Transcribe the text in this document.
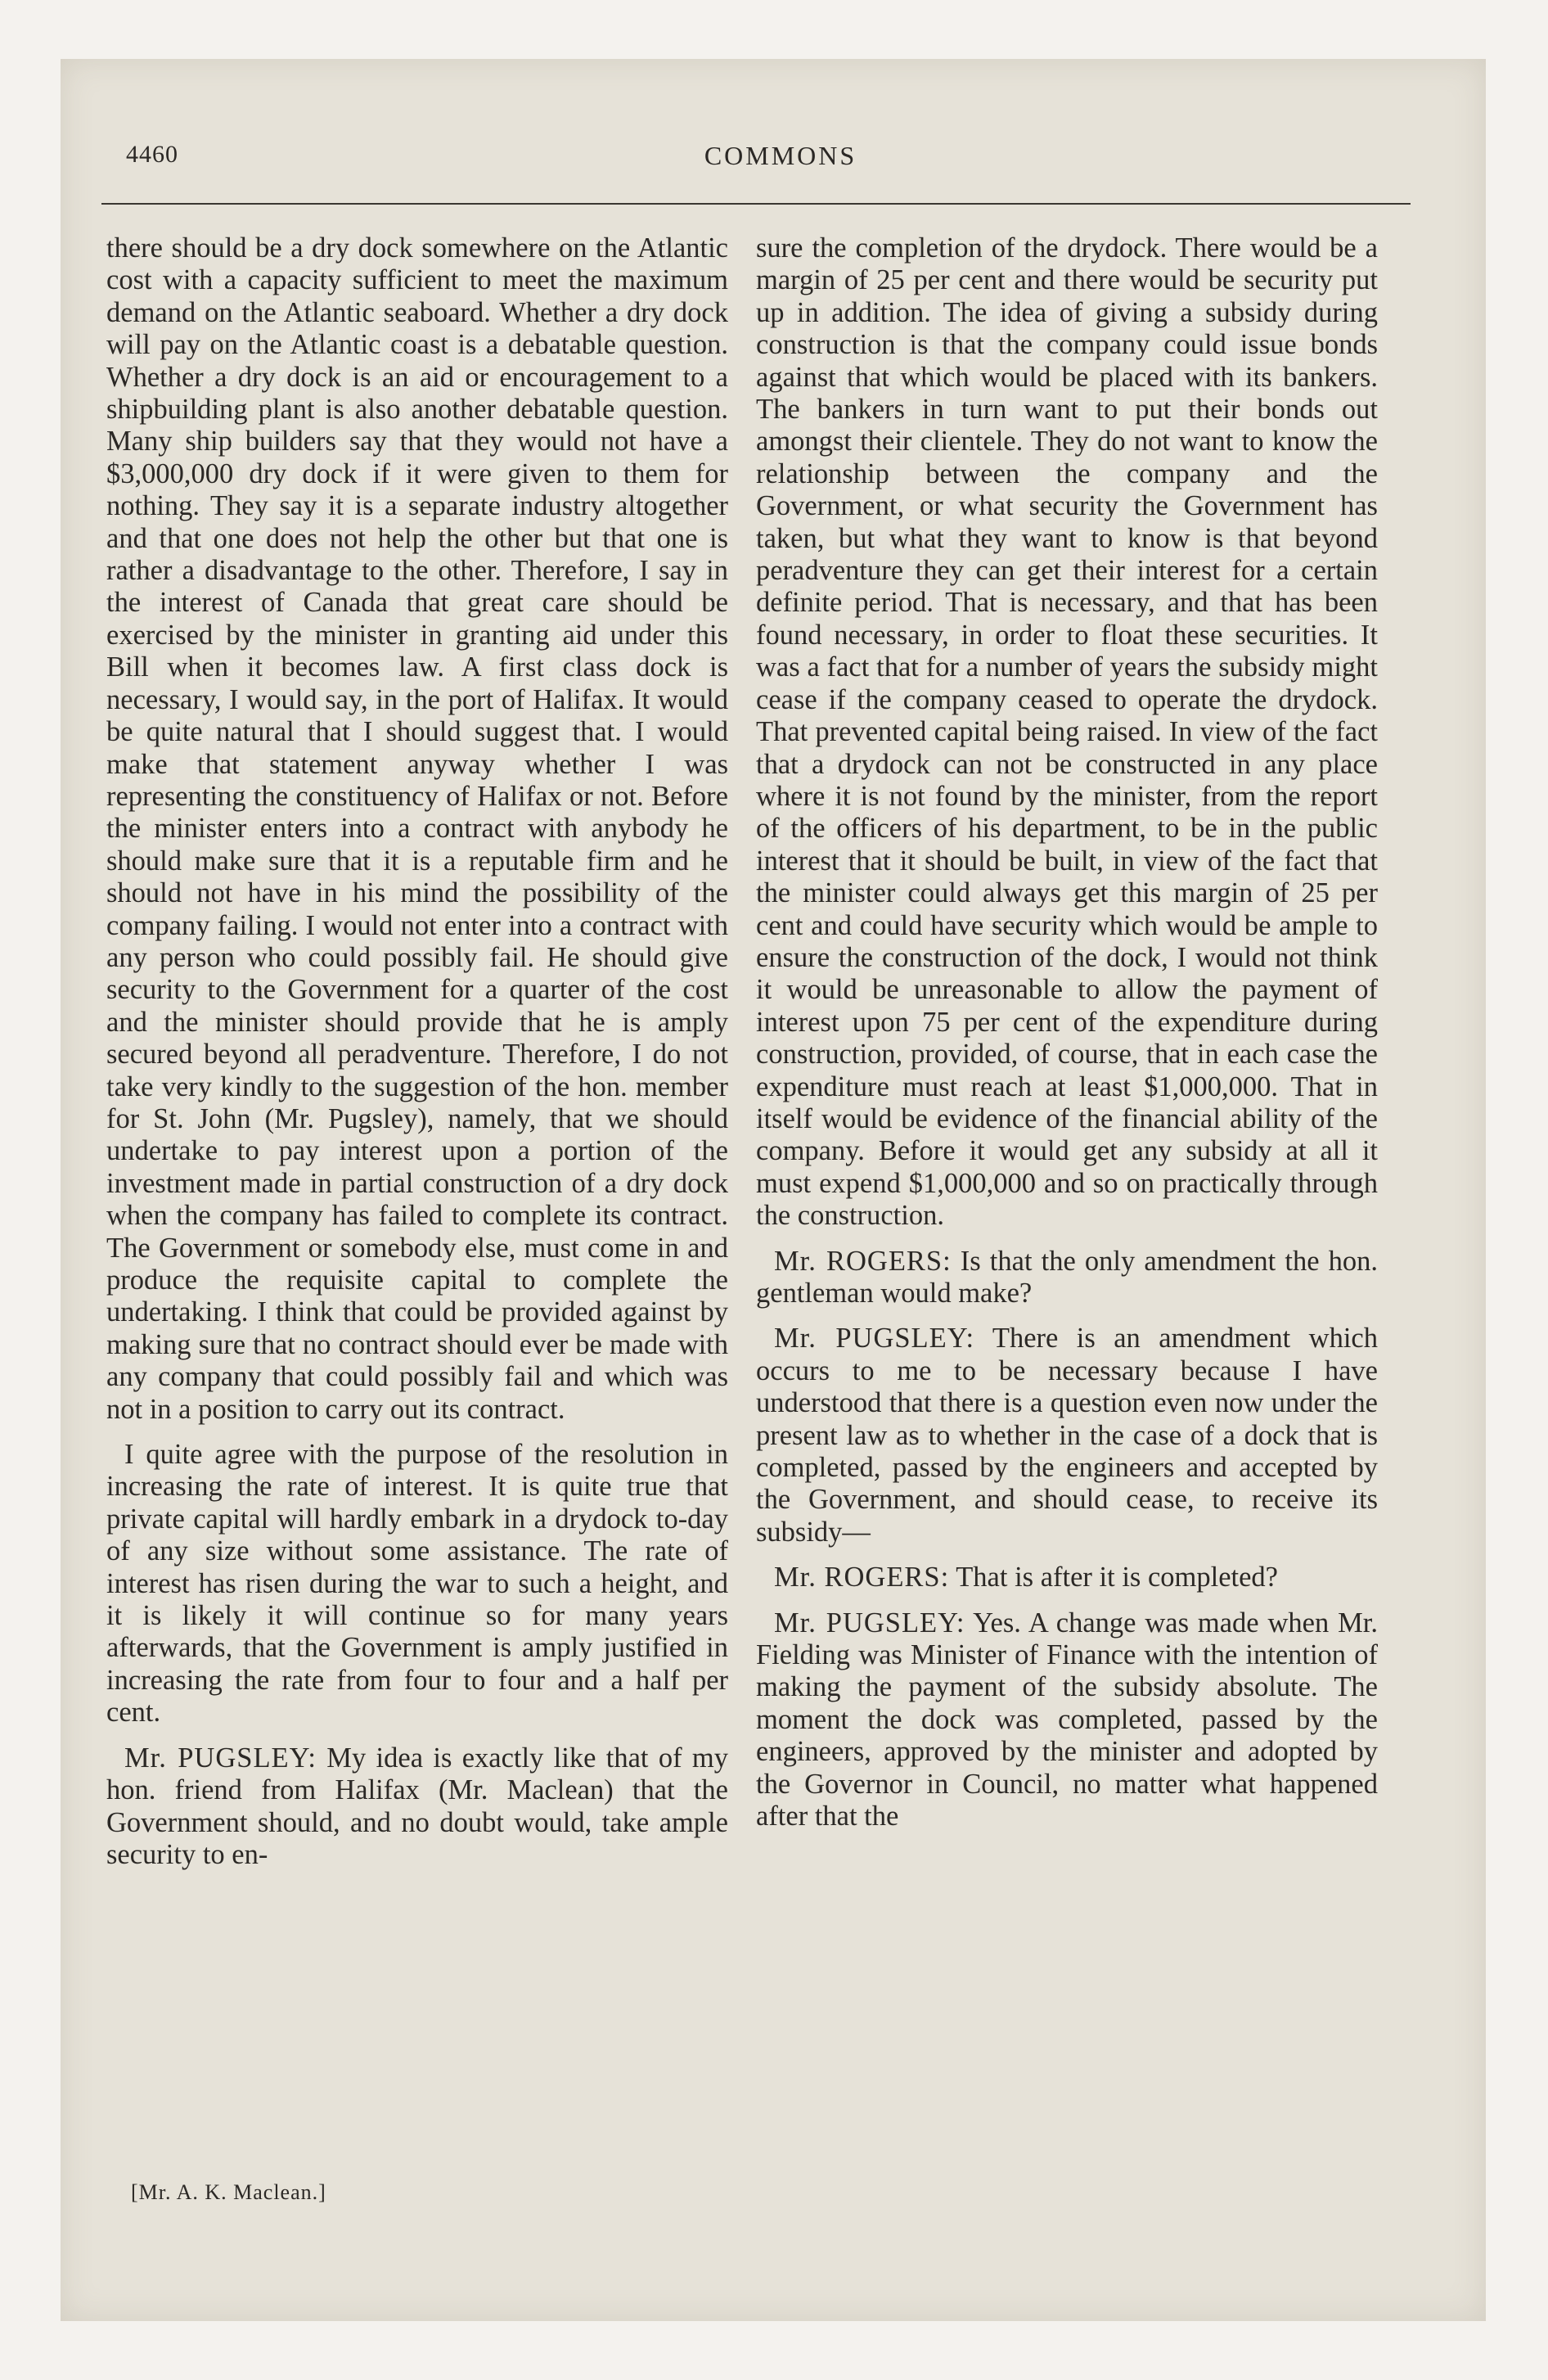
4460	COMMONS

there should be a dry dock somewhere on the Atlantic cost with a capacity sufficient to meet the maximum demand on the Atlantic seaboard. Whether a dry dock will pay on the Atlantic coast is a debatable question. Whether a dry dock is an aid or encouragement to a shipbuilding plant is also another debatable question. Many ship builders say that they would not have a $3,000,000 dry dock if it were given to them for nothing. They say it is a separate industry altogether and that one does not help the other but that one is rather a disadvantage to the other. Therefore, I say in the interest of Canada that great care should be exercised by the minister in granting aid under this Bill when it becomes law. A first class dock is necessary, I would say, in the port of Halifax. It would be quite natural that I should suggest that. I would make that statement anyway whether I was representing the constituency of Halifax or not. Before the minister enters into a contract with anybody he should make sure that it is a reputable firm and he should not have in his mind the possibility of the company failing. I would not enter into a contract with any person who could possibly fail. He should give security to the Government for a quarter of the cost and the minister should provide that he is amply secured beyond all peradventure. Therefore, I do not take very kindly to the suggestion of the hon. member for St. John (Mr. Pugsley), namely, that we should undertake to pay interest upon a portion of the investment made in partial construction of a dry dock when the company has failed to complete its contract. The Government or somebody else, must come in and produce the requisite capital to complete the undertaking. I think that could be provided against by making sure that no contract should ever be made with any company that could possibly fail and which was not in a position to carry out its contract.

I quite agree with the purpose of the resolution in increasing the rate of interest. It is quite true that private capital will hardly embark in a drydock to-day of any size without some assistance. The rate of interest has risen during the war to such a height, and it is likely it will continue so for many years afterwards, that the Government is amply justified in increasing the rate from four to four and a half per cent.

Mr. PUGSLEY: My idea is exactly like that of my hon. friend from Halifax (Mr. Maclean) that the Government should, and no doubt would, take ample security to en-

sure the completion of the drydock. There would be a margin of 25 per cent and there would be security put up in addition. The idea of giving a subsidy during construction is that the company could issue bonds against that which would be placed with its bankers. The bankers in turn want to put their bonds out amongst their clientele. They do not want to know the relationship between the company and the Government, or what security the Government has taken, but what they want to know is that beyond peradventure they can get their interest for a certain definite period. That is necessary, and that has been found necessary, in order to float these securities. It was a fact that for a number of years the subsidy might cease if the company ceased to operate the drydock. That prevented capital being raised. In view of the fact that a drydock can not be constructed in any place where it is not found by the minister, from the report of the officers of his department, to be in the public interest that it should be built, in view of the fact that the minister could always get this margin of 25 per cent and could have security which would be ample to ensure the construction of the dock, I would not think it would be unreasonable to allow the payment of interest upon 75 per cent of the expenditure during construction, provided, of course, that in each case the expenditure must reach at least $1,000,000. That in itself would be evidence of the financial ability of the company. Before it would get any subsidy at all it must expend $1,000,000 and so on practically through the construction.

Mr. ROGERS: Is that the only amendment the hon. gentleman would make?

Mr. PUGSLEY: There is an amendment which occurs to me to be necessary because I have understood that there is a question even now under the present law as to whether in the case of a dock that is completed, passed by the engineers and accepted by the Government, and should cease, to receive its subsidy—

Mr. ROGERS: That is after it is completed?

Mr. PUGSLEY: Yes. A change was made when Mr. Fielding was Minister of Finance with the intention of making the payment of the subsidy absolute. The moment the dock was completed, passed by the engineers, approved by the minister and adopted by the Governor in Council, no matter what happened after that the

[Mr. A. K. Maclean.]
